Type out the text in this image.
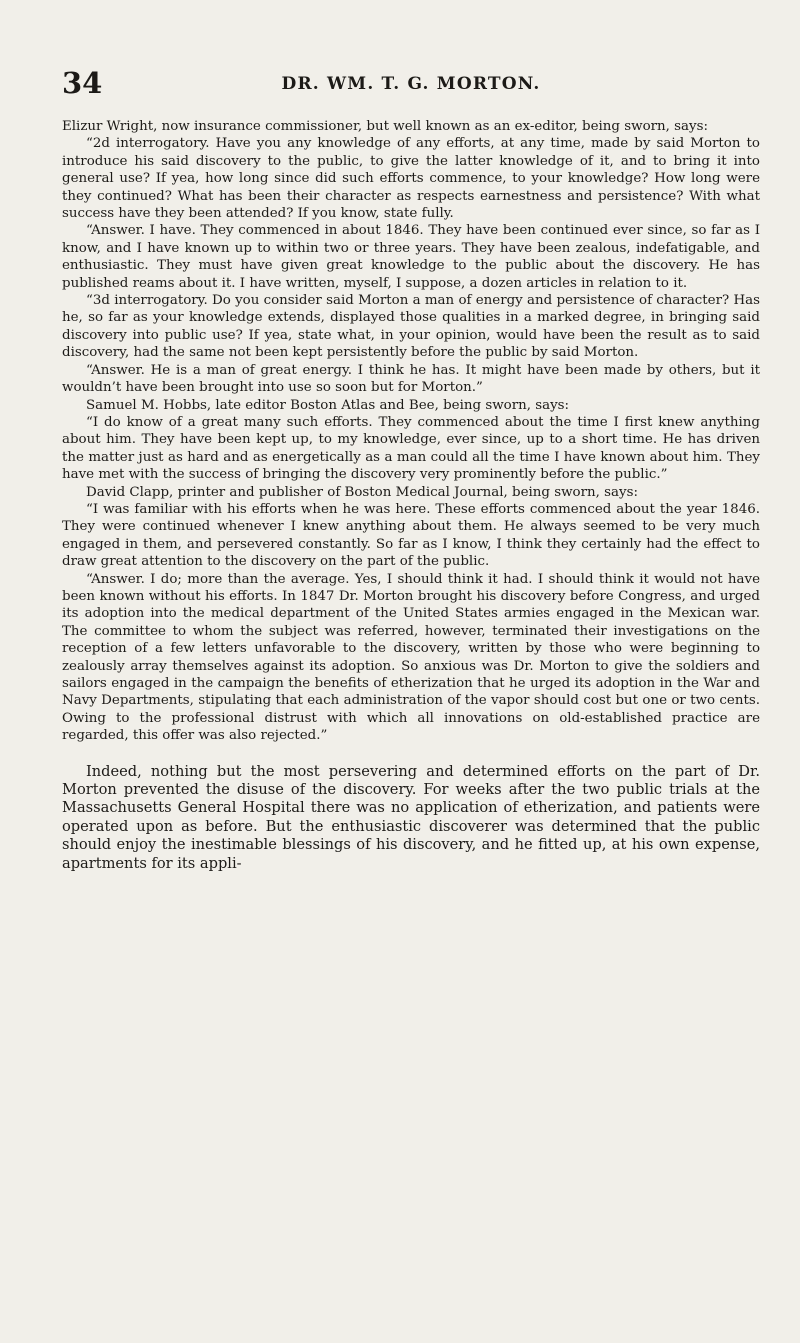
34	DR. WM. T. G. MORTON.

Elizur Wright, now insurance commissioner, but well known as an ex-editor, being sworn, says:

“2d interrogatory. Have you any knowledge of any efforts, at any time, made by said Morton to introduce his said discovery to the public, to give the latter knowledge of it, and to bring it into general use? If yea, how long since did such efforts commence, to your knowledge? How long were they continued? What has been their character as respects earnestness and persistence? With what success have they been attended? If you know, state fully.

“Answer. I have. They commenced in about 1846. They have been continued ever since, so far as I know, and I have known up to within two or three years. They have been zealous, indefatigable, and enthusiastic. They must have given great knowledge to the public about the discovery. He has published reams about it. I have written, myself, I suppose, a dozen articles in relation to it.

“3d interrogatory. Do you consider said Morton a man of energy and persistence of character? Has he, so far as your knowledge extends, displayed those qualities in a marked degree, in bringing said discovery into public use? If yea, state what, in your opinion, would have been the result as to said discovery, had the same not been kept persistently before the public by said Morton.

“Answer. He is a man of great energy. I think he has. It might have been made by others, but it wouldn’t have been brought into use so soon but for Morton.”

Samuel M. Hobbs, late editor Boston Atlas and Bee, being sworn, says:

“I do know of a great many such efforts. They commenced about the time I first knew anything about him. They have been kept up, to my knowledge, ever since, up to a short time. He has driven the matter just as hard and as energetically as a man could all the time I have known about him. They have met with the success of bringing the discovery very prominently before the public.”

David Clapp, printer and publisher of Boston Medical Journal, being sworn, says:

“I was familiar with his efforts when he was here. These efforts commenced about the year 1846. They were continued whenever I knew anything about them. He always seemed to be very much engaged in them, and persevered constantly. So far as I know, I think they certainly had the effect to draw great attention to the discovery on the part of the public.

“Answer. I do; more than the average. Yes, I should think it had. I should think it would not have been known without his efforts. In 1847 Dr. Morton brought his discovery before Congress, and urged its adoption into the medical department of the United States armies engaged in the Mexican war. The committee to whom the subject was referred, however, terminated their investigations on the reception of a few letters unfavorable to the discovery, written by those who were beginning to zealously array themselves against its adoption. So anxious was Dr. Morton to give the soldiers and sailors engaged in the campaign the benefits of etherization that he urged its adoption in the War and Navy Departments, stipulating that each administration of the vapor should cost but one or two cents. Owing to the professional distrust with which all innovations on old-established practice are regarded, this offer was also rejected.”

Indeed, nothing but the most persevering and determined efforts on the part of Dr. Morton prevented the disuse of the discovery. For weeks after the two public trials at the Massachusetts General Hospital there was no application of etherization, and patients were operated upon as before. But the enthusiastic discoverer was determined that the public should enjoy the inestimable blessings of his discovery, and he fitted up, at his own expense, apartments for its appli-
